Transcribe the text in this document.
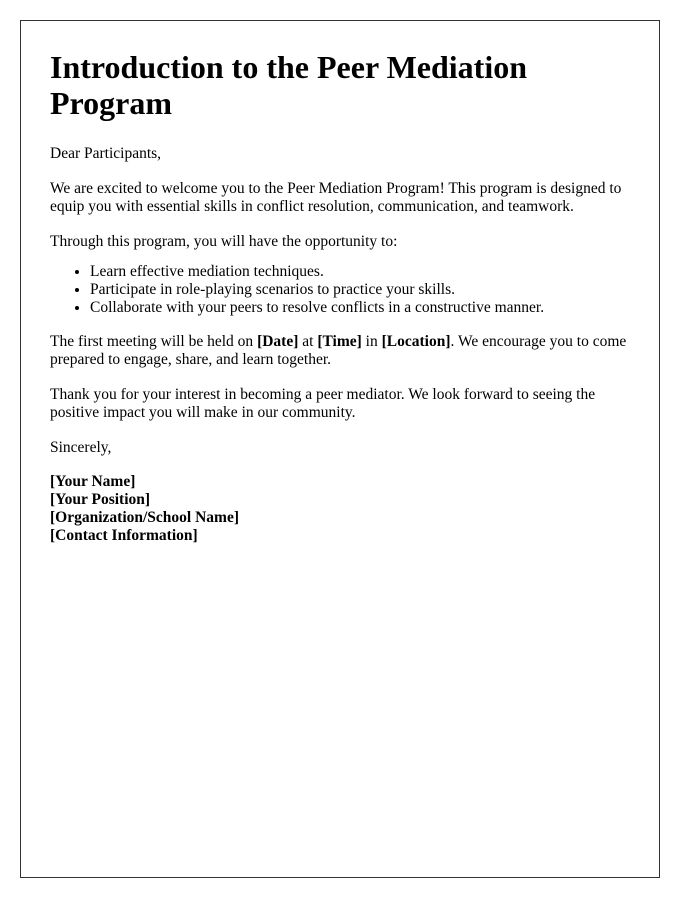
Introduction to the Peer Mediation Program

Dear Participants,

We are excited to welcome you to the Peer Mediation Program! This program is designed to equip you with essential skills in conflict resolution, communication, and teamwork.

Through this program, you will have the opportunity to:

• Learn effective mediation techniques.
• Participate in role-playing scenarios to practice your skills.
• Collaborate with your peers to resolve conflicts in a constructive manner.

The first meeting will be held on [Date] at [Time] in [Location]. We encourage you to come prepared to engage, share, and learn together.

Thank you for your interest in becoming a peer mediator. We look forward to seeing the positive impact you will make in our community.

Sincerely,

[Your Name]
[Your Position]
[Organization/School Name]
[Contact Information]
